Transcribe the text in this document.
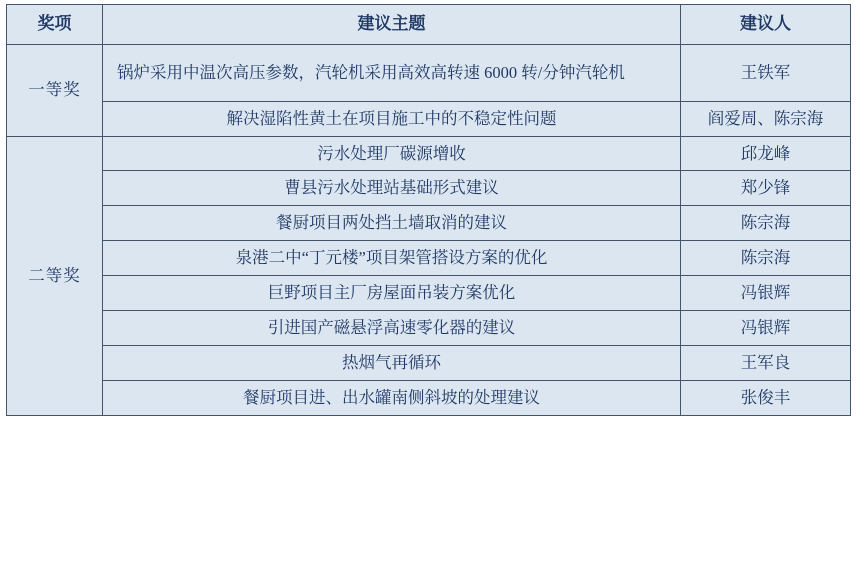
奖项	建议主题	建议人
一等奖	锅炉采用中温次高压参数，汽轮机采用高效高转速 6000 转/分钟汽轮机	王铁军
	解决湿陷性黄土在项目施工中的不稳定性问题	阎爱周、陈宗海
二等奖	污水处理厂碳源增收	邱龙峰
	曹县污水处理站基础形式建议	郑少锋
	餐厨项目两处挡土墙取消的建议	陈宗海
	泉港二中“丁元楼”项目架管搭设方案的优化	陈宗海
	巨野项目主厂房屋面吊装方案优化	冯银辉
	引进国产磁悬浮高速零化器的建议	冯银辉
	热烟气再循环	王军良
	餐厨项目进、出水罐南侧斜坡的处理建议	张俊丰
